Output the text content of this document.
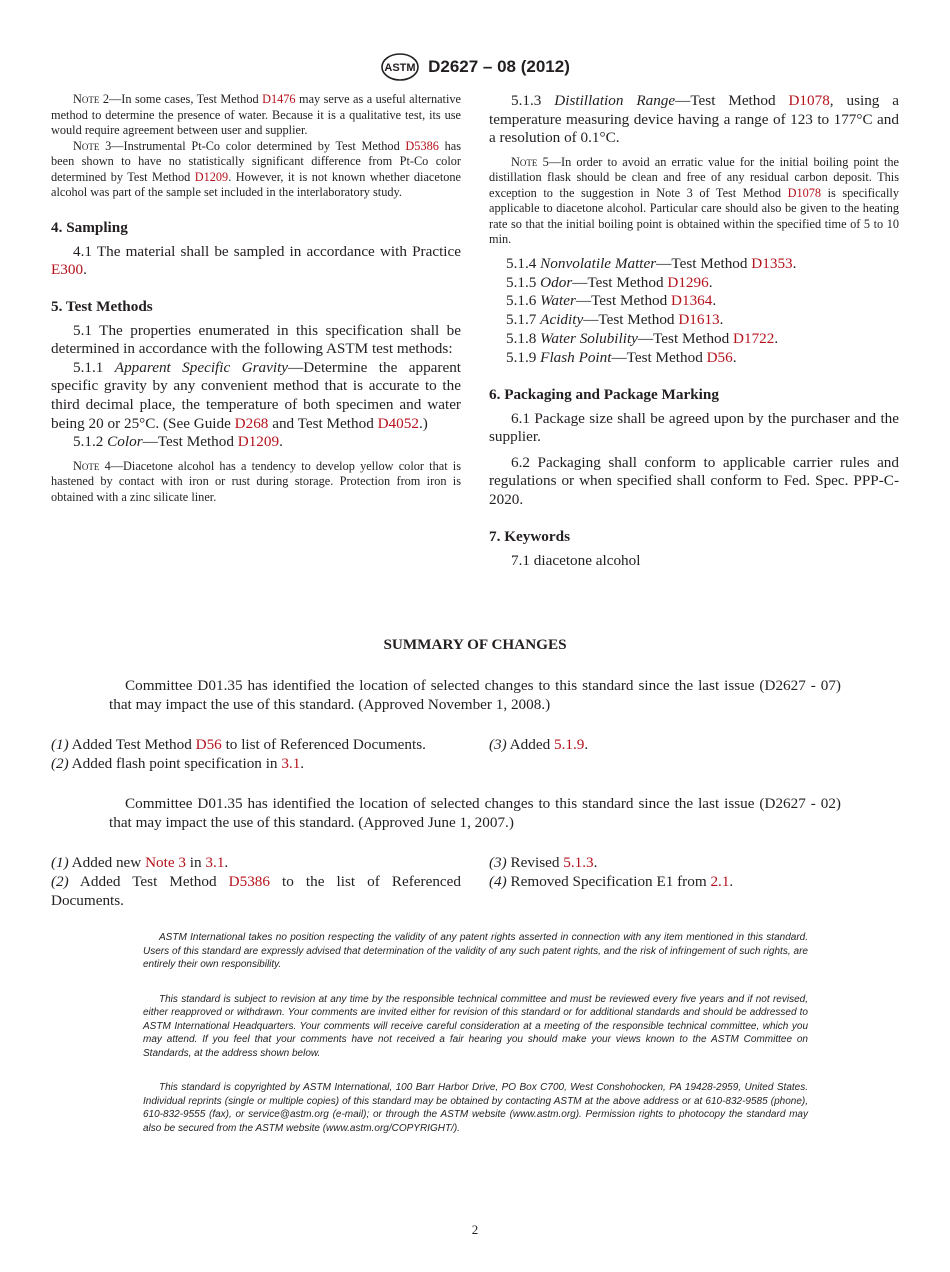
ASTM D2627 – 08 (2012)

Note 2—In some cases, Test Method D1476 may serve as a useful alternative method to determine the presence of water. Because it is a qualitative test, its use would require agreement between user and supplier.

Note 3—Instrumental Pt-Co color determined by Test Method D5386 has been shown to have no statistically significant difference from Pt-Co color determined by Test Method D1209. However, it is not known whether diacetone alcohol was part of the sample set included in the interlaboratory study.

4. Sampling

4.1 The material shall be sampled in accordance with Practice E300.

5. Test Methods

5.1 The properties enumerated in this specification shall be determined in accordance with the following ASTM test methods:

5.1.1 Apparent Specific Gravity—Determine the apparent specific gravity by any convenient method that is accurate to the third decimal place, the temperature of both specimen and water being 20 or 25°C. (See Guide D268 and Test Method D4052.)

5.1.2 Color—Test Method D1209.

Note 4—Diacetone alcohol has a tendency to develop yellow color that is hastened by contact with iron or rust during storage. Protection from iron is obtained with a zinc silicate liner.

5.1.3 Distillation Range—Test Method D1078, using a temperature measuring device having a range of 123 to 177°C and a resolution of 0.1°C.

Note 5—In order to avoid an erratic value for the initial boiling point the distillation flask should be clean and free of any residual carbon deposit. This exception to the suggestion in Note 3 of Test Method D1078 is specifically applicable to diacetone alcohol. Particular care should also be given to the heating rate so that the initial boiling point is obtained within the specified time of 5 to 10 min.

5.1.4 Nonvolatile Matter—Test Method D1353.

5.1.5 Odor—Test Method D1296.

5.1.6 Water—Test Method D1364.

5.1.7 Acidity—Test Method D1613.

5.1.8 Water Solubility—Test Method D1722.

5.1.9 Flash Point—Test Method D56.

6. Packaging and Package Marking

6.1 Package size shall be agreed upon by the purchaser and the supplier.

6.2 Packaging shall conform to applicable carrier rules and regulations or when specified shall conform to Fed. Spec. PPP-C-2020.

7. Keywords

7.1 diacetone alcohol

SUMMARY OF CHANGES
Committee D01.35 has identified the location of selected changes to this standard since the last issue (D2627 - 07) that may impact the use of this standard. (Approved November 1, 2008.)

(1) Added Test Method D56 to list of Referenced Documents.

(2) Added flash point specification in 3.1.

(3) Added 5.1.9.

Committee D01.35 has identified the location of selected changes to this standard since the last issue (D2627 - 02) that may impact the use of this standard. (Approved June 1, 2007.)

(1) Added new Note 3 in 3.1.

(2) Added Test Method D5386 to the list of Referenced Documents.

(3) Revised 5.1.3.

(4) Removed Specification E1 from 2.1.

ASTM International takes no position respecting the validity of any patent rights asserted in connection with any item mentioned in this standard. Users of this standard are expressly advised that determination of the validity of any such patent rights, and the risk of infringement of such rights, are entirely their own responsibility.

This standard is subject to revision at any time by the responsible technical committee and must be reviewed every five years and if not revised, either reapproved or withdrawn. Your comments are invited either for revision of this standard or for additional standards and should be addressed to ASTM International Headquarters. Your comments will receive careful consideration at a meeting of the responsible technical committee, which you may attend. If you feel that your comments have not received a fair hearing you should make your views known to the ASTM Committee on Standards, at the address shown below.

This standard is copyrighted by ASTM International, 100 Barr Harbor Drive, PO Box C700, West Conshohocken, PA 19428-2959, United States. Individual reprints (single or multiple copies) of this standard may be obtained by contacting ASTM at the above address or at 610-832-9585 (phone), 610-832-9555 (fax), or service@astm.org (e-mail); or through the ASTM website (www.astm.org). Permission rights to photocopy the standard may also be secured from the ASTM website (www.astm.org/COPYRIGHT/).

2
